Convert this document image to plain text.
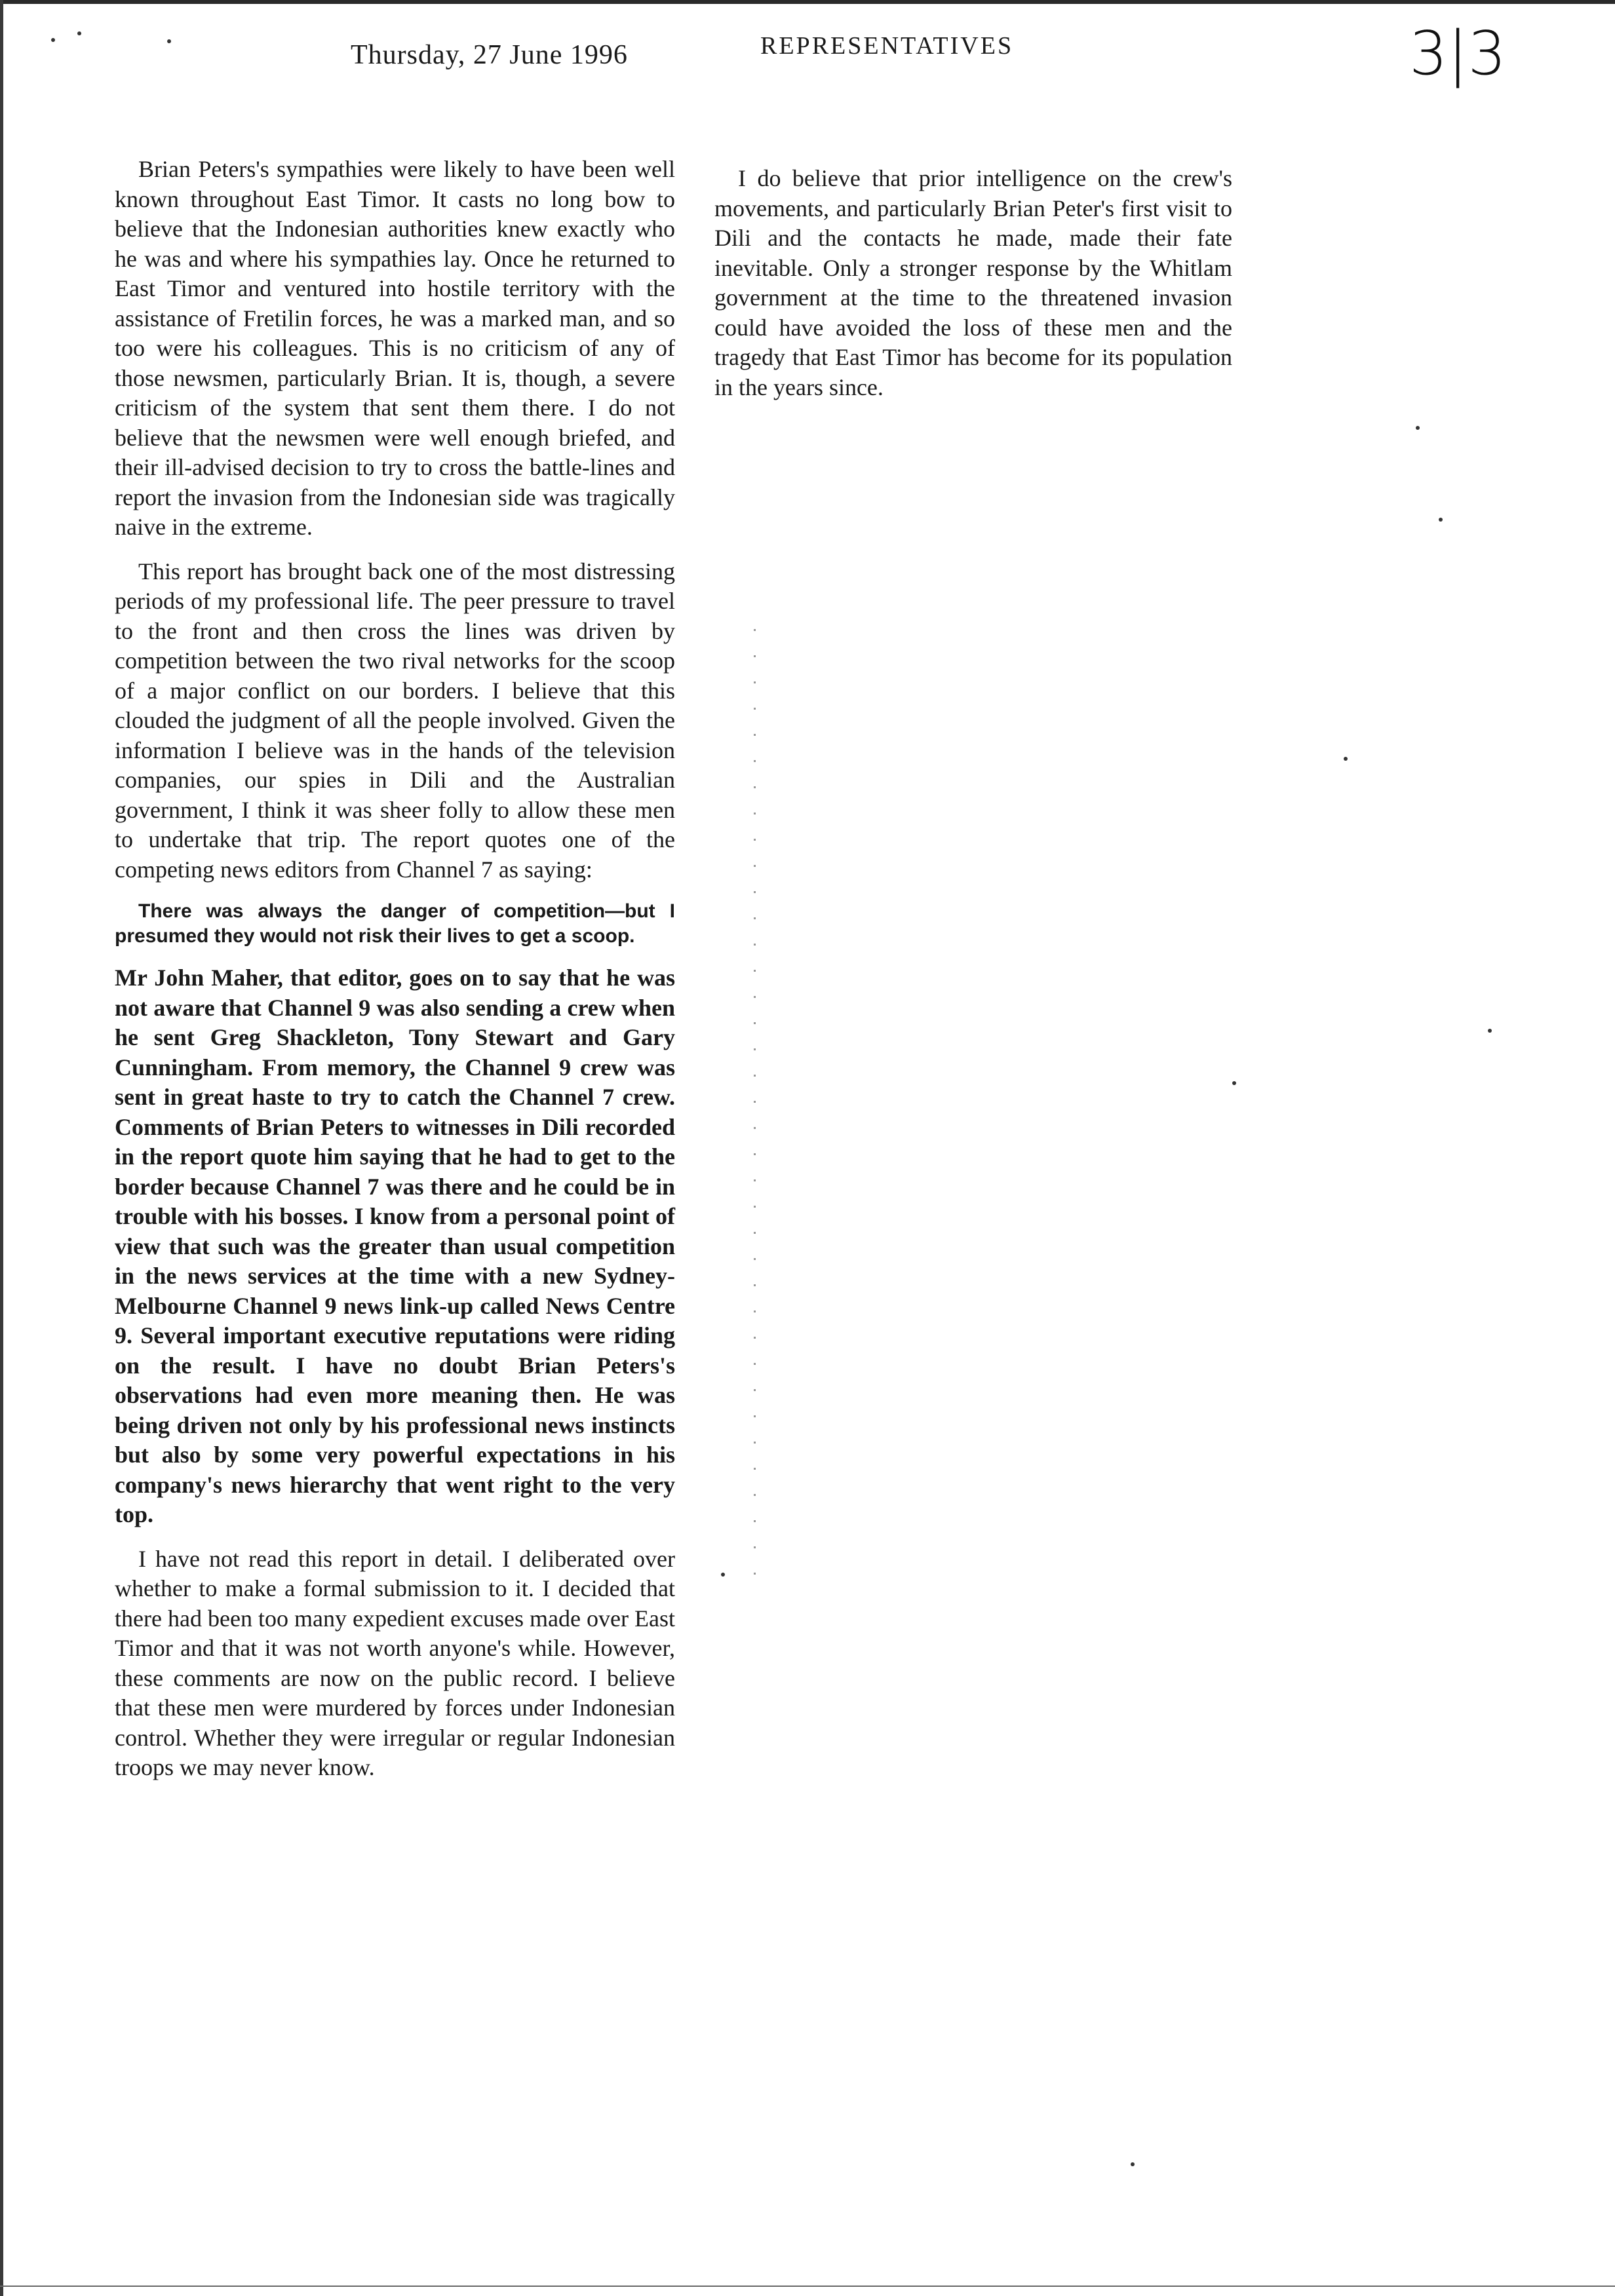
Thursday, 27 June 1996	REPRESENTATIVES	3|3

Brian Peters's sympathies were likely to have been well known throughout East Timor. It casts no long bow to believe that the Indonesian authorities knew exactly who he was and where his sympathies lay. Once he returned to East Timor and ventured into hostile territory with the assistance of Fretilin forces, he was a marked man, and so too were his colleagues. This is no criticism of any of those newsmen, particularly Brian. It is, though, a severe criticism of the system that sent them there. I do not believe that the newsmen were well enough briefed, and their ill-advised decision to try to cross the battle-lines and report the invasion from the Indonesian side was tragically naive in the extreme.

This report has brought back one of the most distressing periods of my professional life. The peer pressure to travel to the front and then cross the lines was driven by competition between the two rival networks for the scoop of a major conflict on our borders. I believe that this clouded the judgment of all the people involved. Given the information I believe was in the hands of the television companies, our spies in Dili and the Australian government, I think it was sheer folly to allow these men to undertake that trip. The report quotes one of the competing news editors from Channel 7 as saying:

There was always the danger of competition—but I presumed they would not risk their lives to get a scoop.

Mr John Maher, that editor, goes on to say that he was not aware that Channel 9 was also sending a crew when he sent Greg Shackleton, Tony Stewart and Gary Cunningham. From memory, the Channel 9 crew was sent in great haste to try to catch the Channel 7 crew. Comments of Brian Peters to witnesses in Dili recorded in the report quote him saying that he had to get to the border because Channel 7 was there and he could be in trouble with his bosses. I know from a personal point of view that such was the greater than usual competition in the news services at the time with a new Sydney-Melbourne Channel 9 news link-up called News Centre 9. Several important executive reputations were riding on the result. I have no doubt Brian Peters's observations had even more meaning then. He was being driven not only by his professional news instincts but also by some very powerful expectations in his company's news hierarchy that went right to the very top.

I have not read this report in detail. I deliberated over whether to make a formal submission to it. I decided that there had been too many expedient excuses made over East Timor and that it was not worth anyone's while. However, these comments are now on the public record. I believe that these men were murdered by forces under Indonesian control. Whether they were irregular or regular Indonesian troops we may never know.

I do believe that prior intelligence on the crew's movements, and particularly Brian Peter's first visit to Dili and the contacts he made, made their fate inevitable. Only a stronger response by the Whitlam government at the time to the threatened invasion could have avoided the loss of these men and the tragedy that East Timor has become for its population in the years since.
